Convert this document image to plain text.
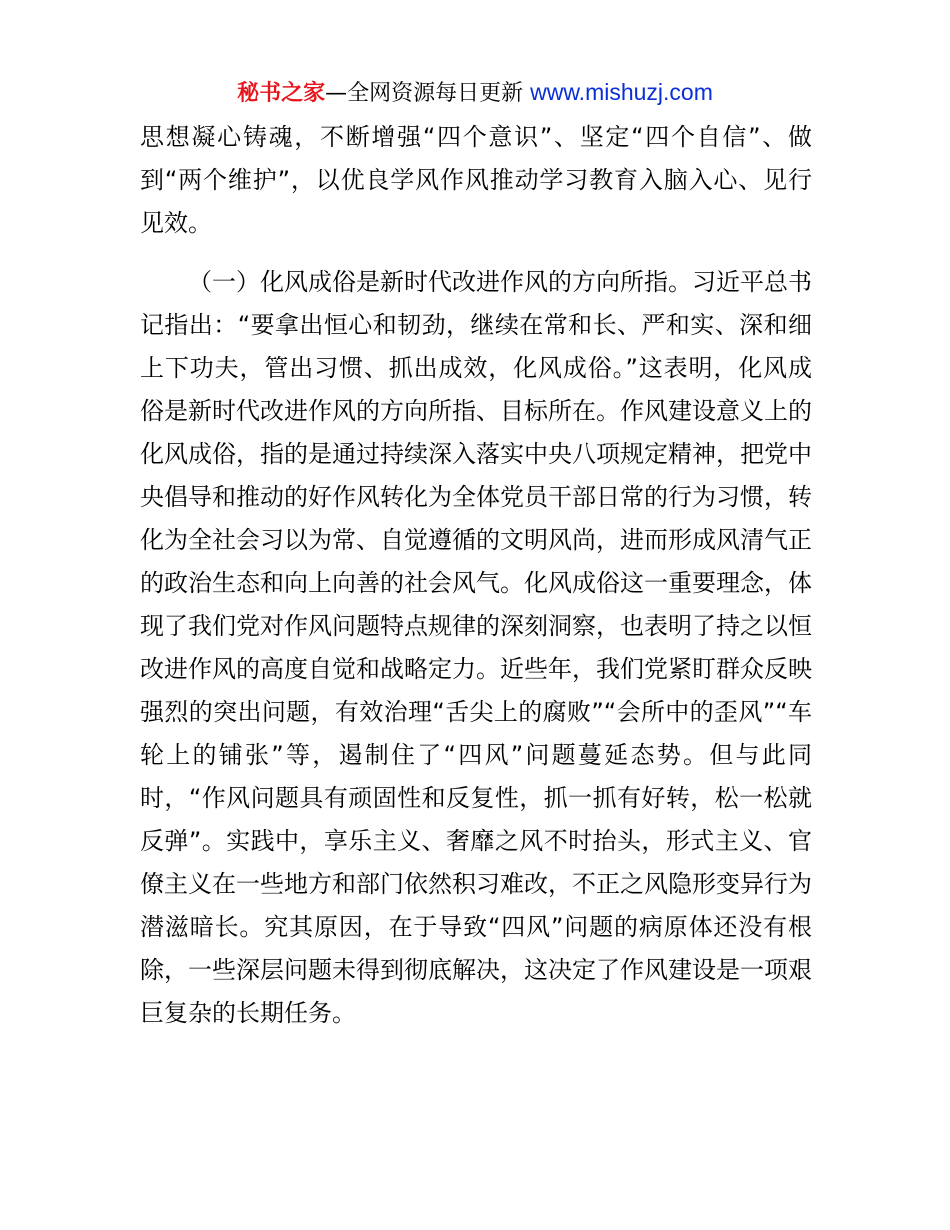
秘书之家—全网资源每日更新 www.mishuzj.com

思想凝心铸魂，不断增强“四个意识”、坚定“四个自信”、做到“两个维护”，以优良学风作风推动学习教育入脑入心、见行见效。

（一）化风成俗是新时代改进作风的方向所指。习近平总书记指出：“要拿出恒心和韧劲，继续在常和长、严和实、深和细上下功夫，管出习惯、抓出成效，化风成俗。”这表明，化风成俗是新时代改进作风的方向所指、目标所在。作风建设意义上的化风成俗，指的是通过持续深入落实中央八项规定精神，把党中央倡导和推动的好作风转化为全体党员干部日常的行为习惯，转化为全社会习以为常、自觉遵循的文明风尚，进而形成风清气正的政治生态和向上向善的社会风气。化风成俗这一重要理念，体现了我们党对作风问题特点规律的深刻洞察，也表明了持之以恒改进作风的高度自觉和战略定力。近些年，我们党紧盯群众反映强烈的突出问题，有效治理“舌尖上的腐败”“会所中的歪风”“车轮上的铺张”等，遏制住了“四风”问题蔓延态势。但与此同时，“作风问题具有顽固性和反复性，抓一抓有好转，松一松就反弹”。实践中，享乐主义、奢靡之风不时抬头，形式主义、官僚主义在一些地方和部门依然积习难改，不正之风隐形变异行为潜滋暗长。究其原因，在于导致“四风”问题的病原体还没有根除，一些深层问题未得到彻底解决，这决定了作风建设是一项艰巨复杂的长期任务。
